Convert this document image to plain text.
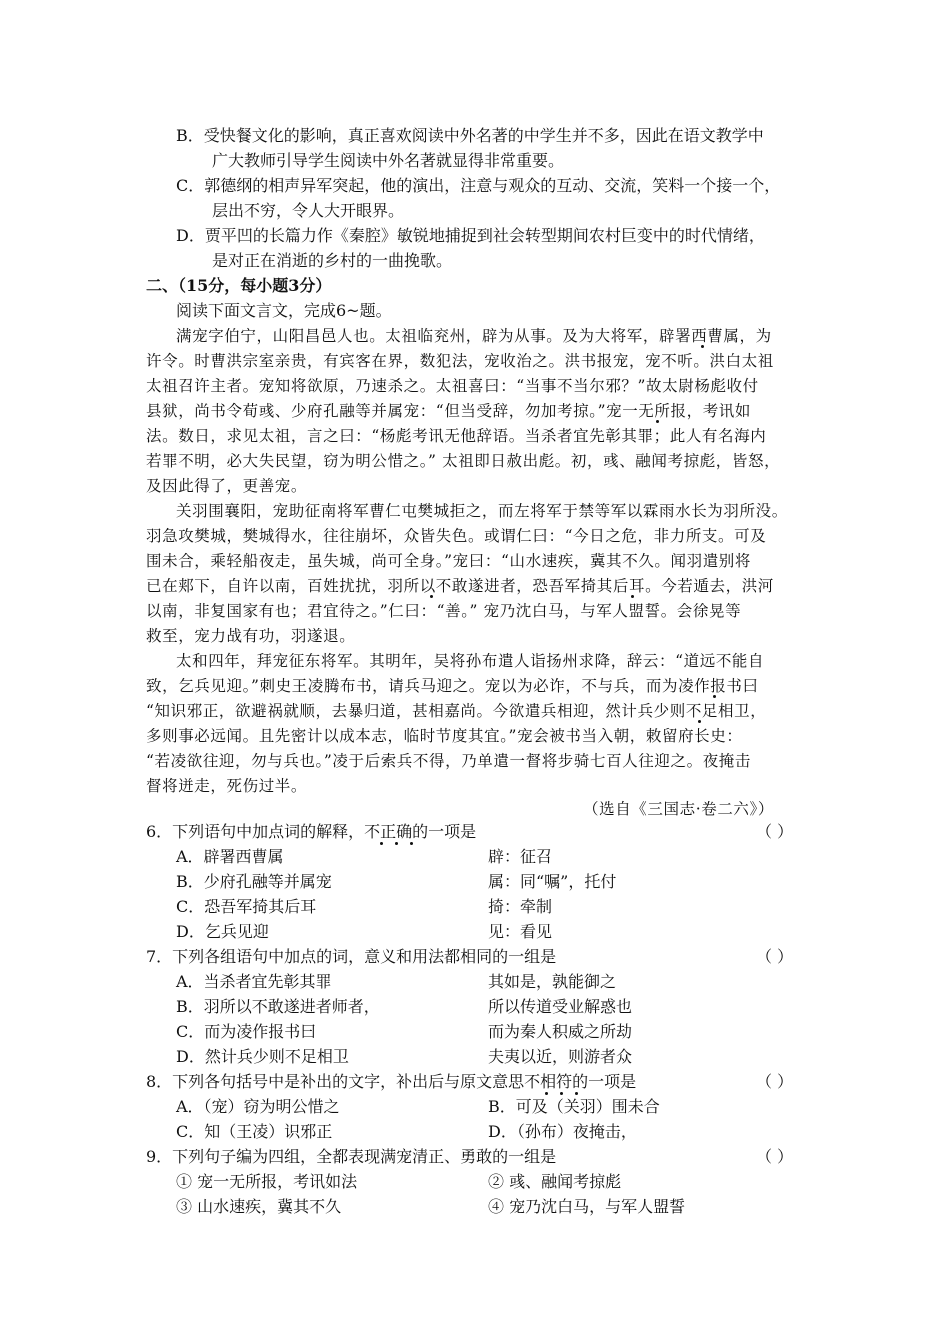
B．受快餐文化的影响，真正喜欢阅读中外名著的中学生并不多，因此在语文教学中
广大教师引导学生阅读中外名著就显得非常重要。
C．郭德纲的相声异军突起，他的演出，注意与观众的互动、交流，笑料一个接一个，
层出不穷，令人大开眼界。
D．贾平凹的长篇力作《秦腔》敏锐地捕捉到社会转型期间农村巨变中的时代情绪，
是对正在消逝的乡村的一曲挽歌。
二、（15分，每小题3分）
阅读下面文言文，完成6~题。
满宠字伯宁，山阳昌邑人也。太祖临兖州，辟为从事。及为大将军，辟署西曹属，为
许令。时曹洪宗室亲贵，有宾客在界，数犯法，宠收治之。洪书报宠，宠不听。洪白太祖
太祖召许主者。宠知将欲原，乃速杀之。太祖喜曰：“当事不当尔邪？”故太尉杨彪收付
县狱，尚书令荀彧、少府孔融等并属宠：“但当受辞，勿加考掠。”宠一无所报，考讯如
法。数日，求见太祖，言之曰：“杨彪考讯无他辞语。当杀者宜先彰其罪；此人有名海内
若罪不明，必大失民望，窃为明公惜之。” 太祖即日赦出彪。初，彧、融闻考掠彪，皆怒，
及因此得了，更善宠。
关羽围襄阳，宠助征南将军曹仁屯樊城拒之，而左将军于禁等军以霖雨水长为羽所没。
羽急攻樊城，樊城得水，往往崩坏，众皆失色。或谓仁曰：“今日之危，非力所支。可及
围未合，乘轻船夜走，虽失城，尚可全身。”宠曰：“山水速疾，冀其不久。闻羽遣别将
已在郏下，自许以南，百姓扰扰，羽所以不敢遂进者，恐吾军掎其后耳。今若遁去，洪河
以南，非复国家有也；君宜待之。”仁曰：“善。” 宠乃沈白马，与军人盟誓。会徐晃等
救至，宠力战有功，羽遂退。
太和四年，拜宠征东将军。其明年，吴将孙布遣人诣扬州求降，辞云：“道远不能自
致，乞兵见迎。”刺史王凌腾布书，请兵马迎之。宠以为必诈，不与兵，而为凌作报书曰
“知识邪正，欲避祸就顺，去暴归道，甚相嘉尚。今欲遣兵相迎，然计兵少则不足相卫，
多则事必远闻。且先密计以成本志，临时节度其宜。”宠会被书当入朝，敕留府长史：
“若凌欲往迎，勿与兵也。”凌于后索兵不得，乃单遣一督将步骑七百人往迎之。夜掩击
督将迸走，死伤过半。
（选自《三国志·卷二六》）
6．下列语句中加点词的解释，不正确的一项是	（ ）
A．辟署西曹属	辟：征召
B．少府孔融等并属宠	属：同“嘱”，托付
C．恐吾军掎其后耳	掎：牵制
D．乞兵见迎	见：看见
7．下列各组语句中加点的词，意义和用法都相同的一组是	（ ）
A．当杀者宜先彰其罪	其如是，孰能御之
B．羽所以不敢遂进者师者，	所以传道受业解惑也
C．而为凌作报书曰	而为秦人积威之所劫
D．然计兵少则不足相卫	夫夷以近，则游者众
8．下列各句括号中是补出的文字，补出后与原文意思不相符的一项是	（ ）
A．（宠）窃为明公惜之	B．可及（关羽）围未合
C．知（王凌）识邪正	D．（孙布）夜掩击，
9．下列句子编为四组，全都表现满宠清正、勇敢的一组是	（ ）
① 宠一无所报，考讯如法	② 彧、融闻考掠彪
③ 山水速疾，冀其不久	④ 宠乃沈白马，与军人盟誓
